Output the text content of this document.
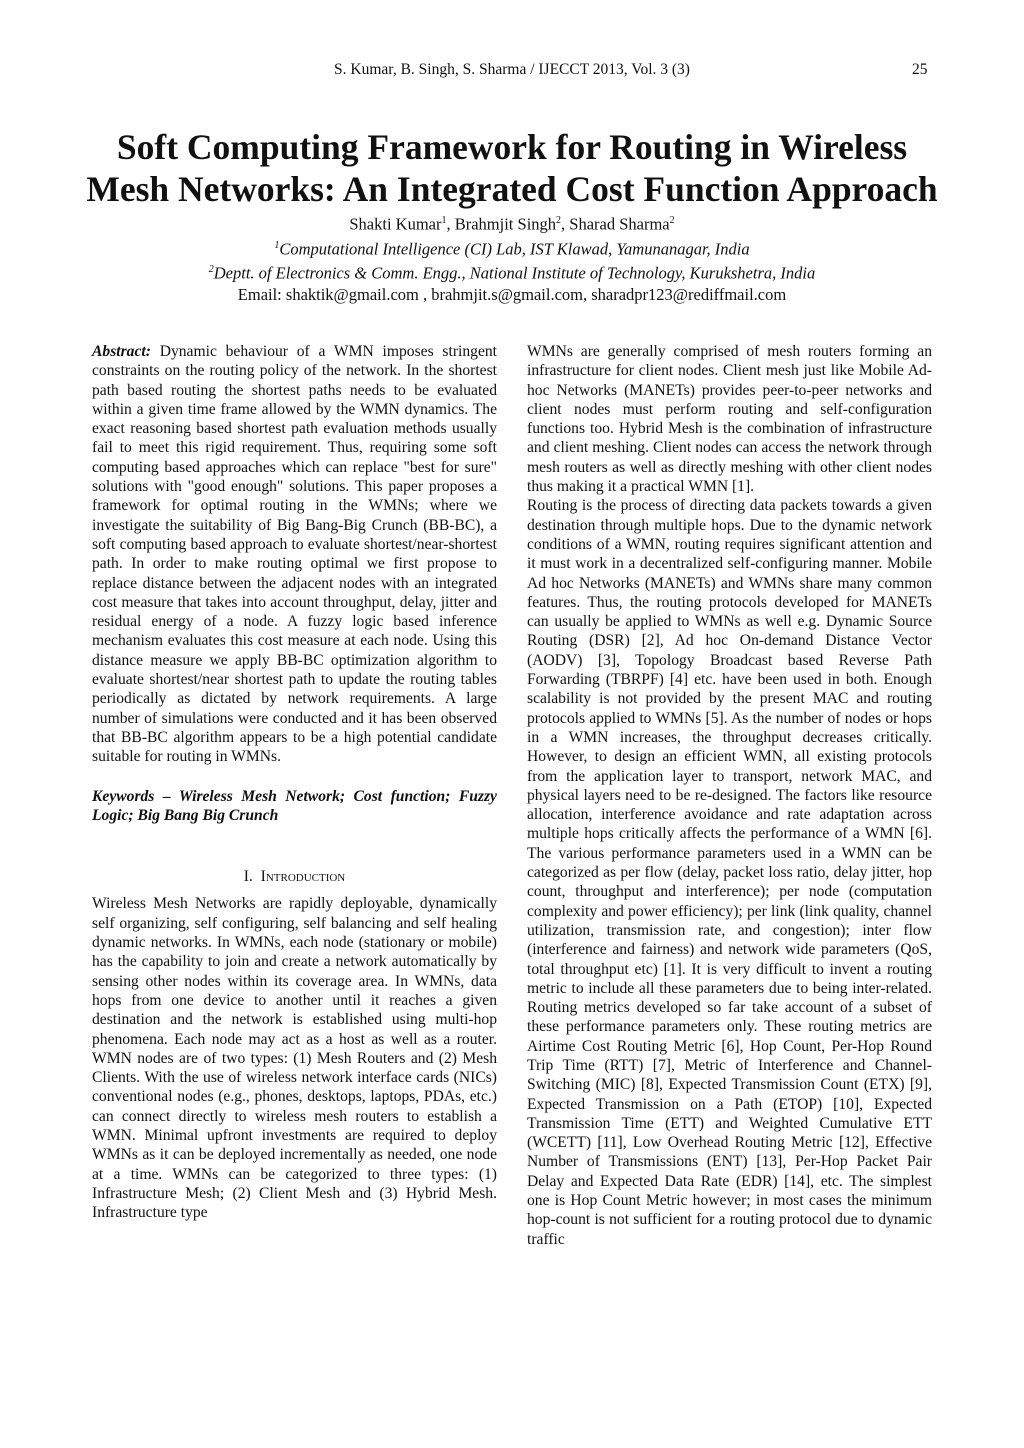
S. Kumar, B. Singh, S. Sharma / IJECCT 2013, Vol. 3 (3)	25
Soft Computing Framework for Routing in Wireless
Mesh Networks: An Integrated Cost Function Approach
Shakti Kumar$^1$, Brahmjit Singh$^2$, Sharad Sharma$^2$
$^1$Computational Intelligence (CI) Lab, IST Klawad, Yamunanagar, India
$^2$Deptt. of Electronics & Comm. Engg., National Institute of Technology, Kurukshetra, India
Email: shaktik@gmail.com , brahmjit.s@gmail.com, sharadpr123@rediffmail.com

Abstract: Dynamic behaviour of a WMN imposes stringent constraints on the routing policy of the network. In the shortest path based routing the shortest paths needs to be evaluated within a given time frame allowed by the WMN dynamics. The exact reasoning based shortest path evaluation methods usually fail to meet this rigid requirement. Thus, requiring some soft computing based approaches which can replace "best for sure" solutions with "good enough" solutions. This paper proposes a framework for optimal routing in the WMNs; where we investigate the suitability of Big Bang-Big Crunch (BB-BC), a soft computing based approach to evaluate shortest/near-shortest path. In order to make routing optimal we first propose to replace distance between the adjacent nodes with an integrated cost measure that takes into account throughput, delay, jitter and residual energy of a node. A fuzzy logic based inference mechanism evaluates this cost measure at each node. Using this distance measure we apply BB-BC optimization algorithm to evaluate shortest/near shortest path to update the routing tables periodically as dictated by network requirements. A large number of simulations were conducted and it has been observed that BB-BC algorithm appears to be a high potential candidate suitable for routing in WMNs.

Keywords – Wireless Mesh Network; Cost function; Fuzzy Logic; Big Bang Big Crunch

I. Introduction

Wireless Mesh Networks are rapidly deployable, dynamically self organizing, self configuring, self balancing and self healing dynamic networks. In WMNs, each node (stationary or mobile) has the capability to join and create a network automatically by sensing other nodes within its coverage area. In WMNs, data hops from one device to another until it reaches a given destination and the network is established using multi-hop phenomena. Each node may act as a host as well as a router. WMN nodes are of two types: (1) Mesh Routers and (2) Mesh Clients. With the use of wireless network interface cards (NICs) conventional nodes (e.g., phones, desktops, laptops, PDAs, etc.) can connect directly to wireless mesh routers to establish a WMN. Minimal upfront investments are required to deploy WMNs as it can be deployed incrementally as needed, one node at a time. WMNs can be categorized to three types: (1) Infrastructure Mesh; (2) Client Mesh and (3) Hybrid Mesh. Infrastructure type

WMNs are generally comprised of mesh routers forming an infrastructure for client nodes. Client mesh just like Mobile Ad-hoc Networks (MANETs) provides peer-to-peer networks and client nodes must perform routing and self-configuration functions too. Hybrid Mesh is the combination of infrastructure and client meshing. Client nodes can access the network through mesh routers as well as directly meshing with other client nodes thus making it a practical WMN [1].

Routing is the process of directing data packets towards a given destination through multiple hops. Due to the dynamic network conditions of a WMN, routing requires significant attention and it must work in a decentralized self-configuring manner. Mobile Ad hoc Networks (MANETs) and WMNs share many common features. Thus, the routing protocols developed for MANETs can usually be applied to WMNs as well e.g. Dynamic Source Routing (DSR) [2], Ad hoc On-demand Distance Vector (AODV) [3], Topology Broadcast based Reverse Path Forwarding (TBRPF) [4] etc. have been used in both. Enough scalability is not provided by the present MAC and routing protocols applied to WMNs [5]. As the number of nodes or hops in a WMN increases, the throughput decreases critically. However, to design an efficient WMN, all existing protocols from the application layer to transport, network MAC, and physical layers need to be re-designed. The factors like resource allocation, interference avoidance and rate adaptation across multiple hops critically affects the performance of a WMN [6]. The various performance parameters used in a WMN can be categorized as per flow (delay, packet loss ratio, delay jitter, hop count, throughput and interference); per node (computation complexity and power efficiency); per link (link quality, channel utilization, transmission rate, and congestion); inter flow (interference and fairness) and network wide parameters (QoS, total throughput etc) [1]. It is very difficult to invent a routing metric to include all these parameters due to being inter-related. Routing metrics developed so far take account of a subset of these performance parameters only. These routing metrics are Airtime Cost Routing Metric [6], Hop Count, Per-Hop Round Trip Time (RTT) [7], Metric of Interference and Channel-Switching (MIC) [8], Expected Transmission Count (ETX) [9], Expected Transmission on a Path (ETOP) [10], Expected Transmission Time (ETT) and Weighted Cumulative ETT (WCETT) [11], Low Overhead Routing Metric [12], Effective Number of Transmissions (ENT) [13], Per-Hop Packet Pair Delay and Expected Data Rate (EDR) [14], etc. The simplest one is Hop Count Metric however; in most cases the minimum hop-count is not sufficient for a routing protocol due to dynamic traffic
